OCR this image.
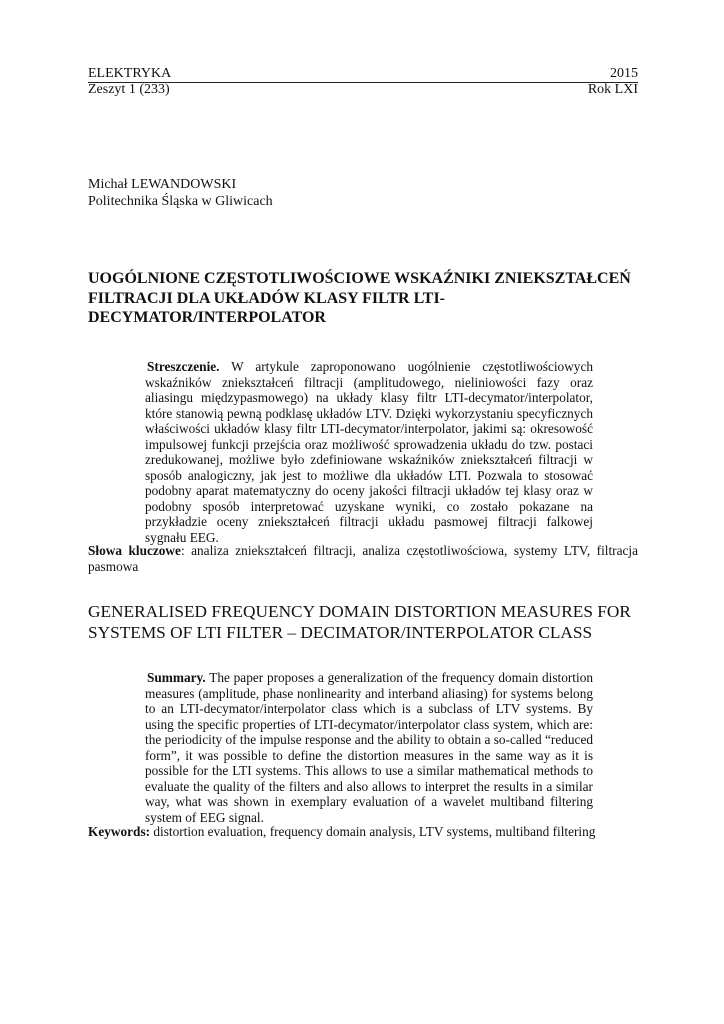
ELEKTRYKA	2015
Zeszyt 1 (233)	Rok LXI
Michał LEWANDOWSKI
Politechnika Śląska w Gliwicach
UOGÓLNIONE CZĘSTOTLIWOŚCIOWE WSKAŹNIKI ZNIEKSZTAŁCEŃ FILTRACJI DLA UKŁADÓW KLASY FILTR LTI-DECYMATOR/INTERPOLATOR

Streszczenie. W artykule zaproponowano uogólnienie częstotliwościowych wskaźników zniekształceń filtracji (amplitudowego, nieliniowości fazy oraz aliasingu międzypasmowego) na układy klasy filtr LTI-decymator/interpolator, które stanowią pewną podklasę układów LTV. Dzięki wykorzystaniu specyficznych właściwości układów klasy filtr LTI-decymator/interpolator, jakimi są: okresowość impulsowej funkcji przejścia oraz możliwość sprowadzenia układu do tzw. postaci zredukowanej, możliwe było zdefiniowane wskaźników zniekształceń filtracji w sposób analogiczny, jak jest to możliwe dla układów LTI. Pozwala to stosować podobny aparat matematyczny do oceny jakości filtracji układów tej klasy oraz w podobny sposób interpretować uzyskane wyniki, co zostało pokazane na przykładzie oceny zniekształceń filtracji układu pasmowej filtracji falkowej sygnału EEG.

Słowa kluczowe: analiza zniekształceń filtracji, analiza częstotliwościowa, systemy LTV, filtracja pasmowa

GENERALISED FREQUENCY DOMAIN DISTORTION MEASURES FOR SYSTEMS OF LTI FILTER – DECIMATOR/INTERPOLATOR CLASS

Summary. The paper proposes a generalization of the frequency domain distortion measures (amplitude, phase nonlinearity and interband aliasing) for systems belong to an LTI-decymator/interpolator class which is a subclass of LTV systems. By using the specific properties of LTI-decymator/interpolator class system, which are: the periodicity of the impulse response and the ability to obtain a so-called “reduced form”, it was possible to define the distortion measures in the same way as it is possible for the LTI systems. This allows to use a similar mathematical methods to evaluate the quality of the filters and also allows to interpret the results in a similar way, what was shown in exemplary evaluation of a wavelet multiband filtering system of EEG signal.

Keywords: distortion evaluation, frequency domain analysis, LTV systems, multiband filtering
